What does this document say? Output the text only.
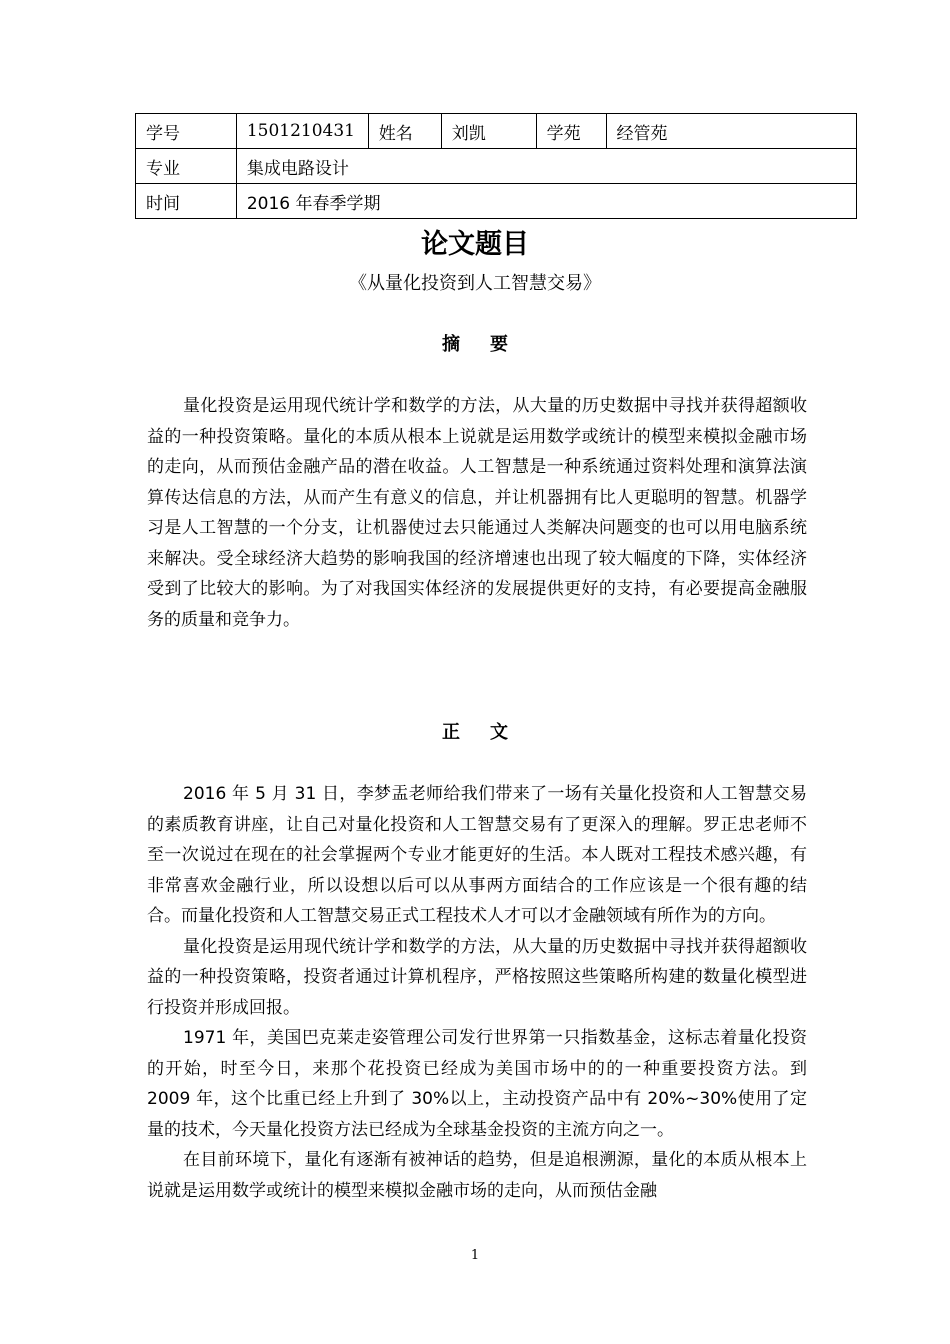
学号	1501210431	姓名	刘凯	学苑	经管苑
专业	集成电路设计				
时间	2016 年春季学期				
论文题目
《从量化投资到人工智慧交易》
摘要

量化投资是运用现代统计学和数学的方法，从大量的历史数据中寻找并获得超额收益的一种投资策略。量化的本质从根本上说就是运用数学或统计的模型来模拟金融市场的走向，从而预估金融产品的潜在收益。人工智慧是一种系统通过资料处理和演算法演算传达信息的方法，从而产生有意义的信息，并让机器拥有比人更聪明的智慧。机器学习是人工智慧的一个分支，让机器使过去只能通过人类解决问题变的也可以用电脑系统来解决。受全球经济大趋势的影响我国的经济增速也出现了较大幅度的下降，实体经济受到了比较大的影响。为了对我国实体经济的发展提供更好的支持，有必要提高金融服务的质量和竞争力。

正文

2016 年 5 月 31 日，李梦盂老师给我们带来了一场有关量化投资和人工智慧交易的素质教育讲座，让自己对量化投资和人工智慧交易有了更深入的理解。罗正忠老师不至一次说过在现在的社会掌握两个专业才能更好的生活。本人既对工程技术感兴趣，有非常喜欢金融行业，所以设想以后可以从事两方面结合的工作应该是一个很有趣的结合。而量化投资和人工智慧交易正式工程技术人才可以才金融领域有所作为的方向。

量化投资是运用现代统计学和数学的方法，从大量的历史数据中寻找并获得超额收益的一种投资策略，投资者通过计算机程序，严格按照这些策略所构建的数量化模型进行投资并形成回报。

1971 年，美国巴克莱走姿管理公司发行世界第一只指数基金，这标志着量化投资的开始，时至今日，来那个花投资已经成为美国市场中的的一种重要投资方法。到 2009 年，这个比重已经上升到了 30%以上，主动投资产品中有 20%~30%使用了定量的技术，今天量化投资方法已经成为全球基金投资的主流方向之一。

在目前环境下，量化有逐渐有被神话的趋势，但是追根溯源，量化的本质从根本上说就是运用数学或统计的模型来模拟金融市场的走向，从而预估金融

1
